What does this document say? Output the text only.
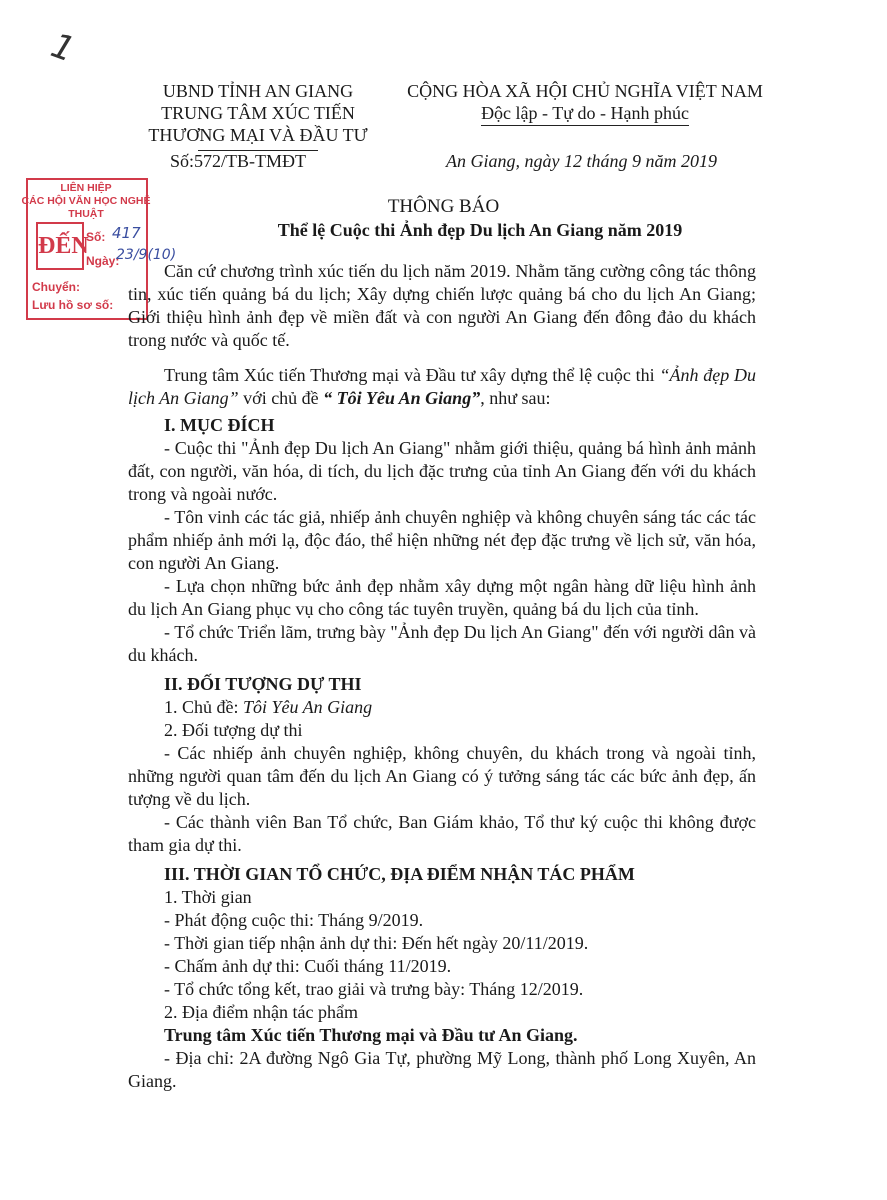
1
UBND TỈNH AN GIANG
TRUNG TÂM XÚC TIẾN
THƯƠNG MẠI VÀ ĐẦU TƯ
Số:572/TB-TMĐT
CỘNG HÒA XÃ HỘI CHỦ NGHĨA VIỆT NAM
Độc lập - Tự do - Hạnh phúc
An Giang, ngày 12 tháng 9 năm 2019
LIÊN HIỆP
CÁC HỘI VĂN HỌC NGHỆ THUẬT
ĐẾN
Số: 417
Ngày:
23/9(10)
Chuyển:
Lưu hồ sơ số:
THÔNG BÁO
Thể lệ Cuộc thi Ảnh đẹp Du lịch An Giang năm 2019

Căn cứ chương trình xúc tiến du lịch năm 2019. Nhằm tăng cường công tác thông tin, xúc tiến quảng bá du lịch; Xây dựng chiến lược quảng bá cho du lịch An Giang; Giới thiệu hình ảnh đẹp về miền đất và con người An Giang đến đông đảo du khách trong nước và quốc tế.

Trung tâm Xúc tiến Thương mại và Đầu tư xây dựng thể lệ cuộc thi “Ảnh đẹp Du lịch An Giang” với chủ đề “ Tôi Yêu An Giang”, như sau:

I. MỤC ĐÍCH

- Cuộc thi "Ảnh đẹp Du lịch An Giang" nhằm giới thiệu, quảng bá hình ảnh mảnh đất, con người, văn hóa, di tích, du lịch đặc trưng của tỉnh An Giang đến với du khách trong và ngoài nước.

- Tôn vinh các tác giả, nhiếp ảnh chuyên nghiệp và không chuyên sáng tác các tác phẩm nhiếp ảnh mới lạ, độc đáo, thể hiện những nét đẹp đặc trưng về lịch sử, văn hóa, con người An Giang.

- Lựa chọn những bức ảnh đẹp nhằm xây dựng một ngân hàng dữ liệu hình ảnh du lịch An Giang phục vụ cho công tác tuyên truyền, quảng bá du lịch của tỉnh.

- Tổ chức Triển lãm, trưng bày "Ảnh đẹp Du lịch An Giang" đến với người dân và du khách.

II. ĐỐI TƯỢNG DỰ THI

1. Chủ đề: Tôi Yêu An Giang

2. Đối tượng dự thi

- Các nhiếp ảnh chuyên nghiệp, không chuyên, du khách trong và ngoài tỉnh, những người quan tâm đến du lịch An Giang có ý tưởng sáng tác các bức ảnh đẹp, ấn tượng về du lịch.

- Các thành viên Ban Tổ chức, Ban Giám khảo, Tổ thư ký cuộc thi không được tham gia dự thi.

III. THỜI GIAN TỔ CHỨC, ĐỊA ĐIỂM NHẬN TÁC PHẨM

1. Thời gian

- Phát động cuộc thi: Tháng 9/2019.

- Thời gian tiếp nhận ảnh dự thi: Đến hết ngày 20/11/2019.

- Chấm ảnh dự thi: Cuối tháng 11/2019.

- Tổ chức tổng kết, trao giải và trưng bày: Tháng 12/2019.

2. Địa điểm nhận tác phẩm

Trung tâm Xúc tiến Thương mại và Đầu tư An Giang.

- Địa chỉ: 2A đường Ngô Gia Tự, phường Mỹ Long, thành phố Long Xuyên, An Giang.
